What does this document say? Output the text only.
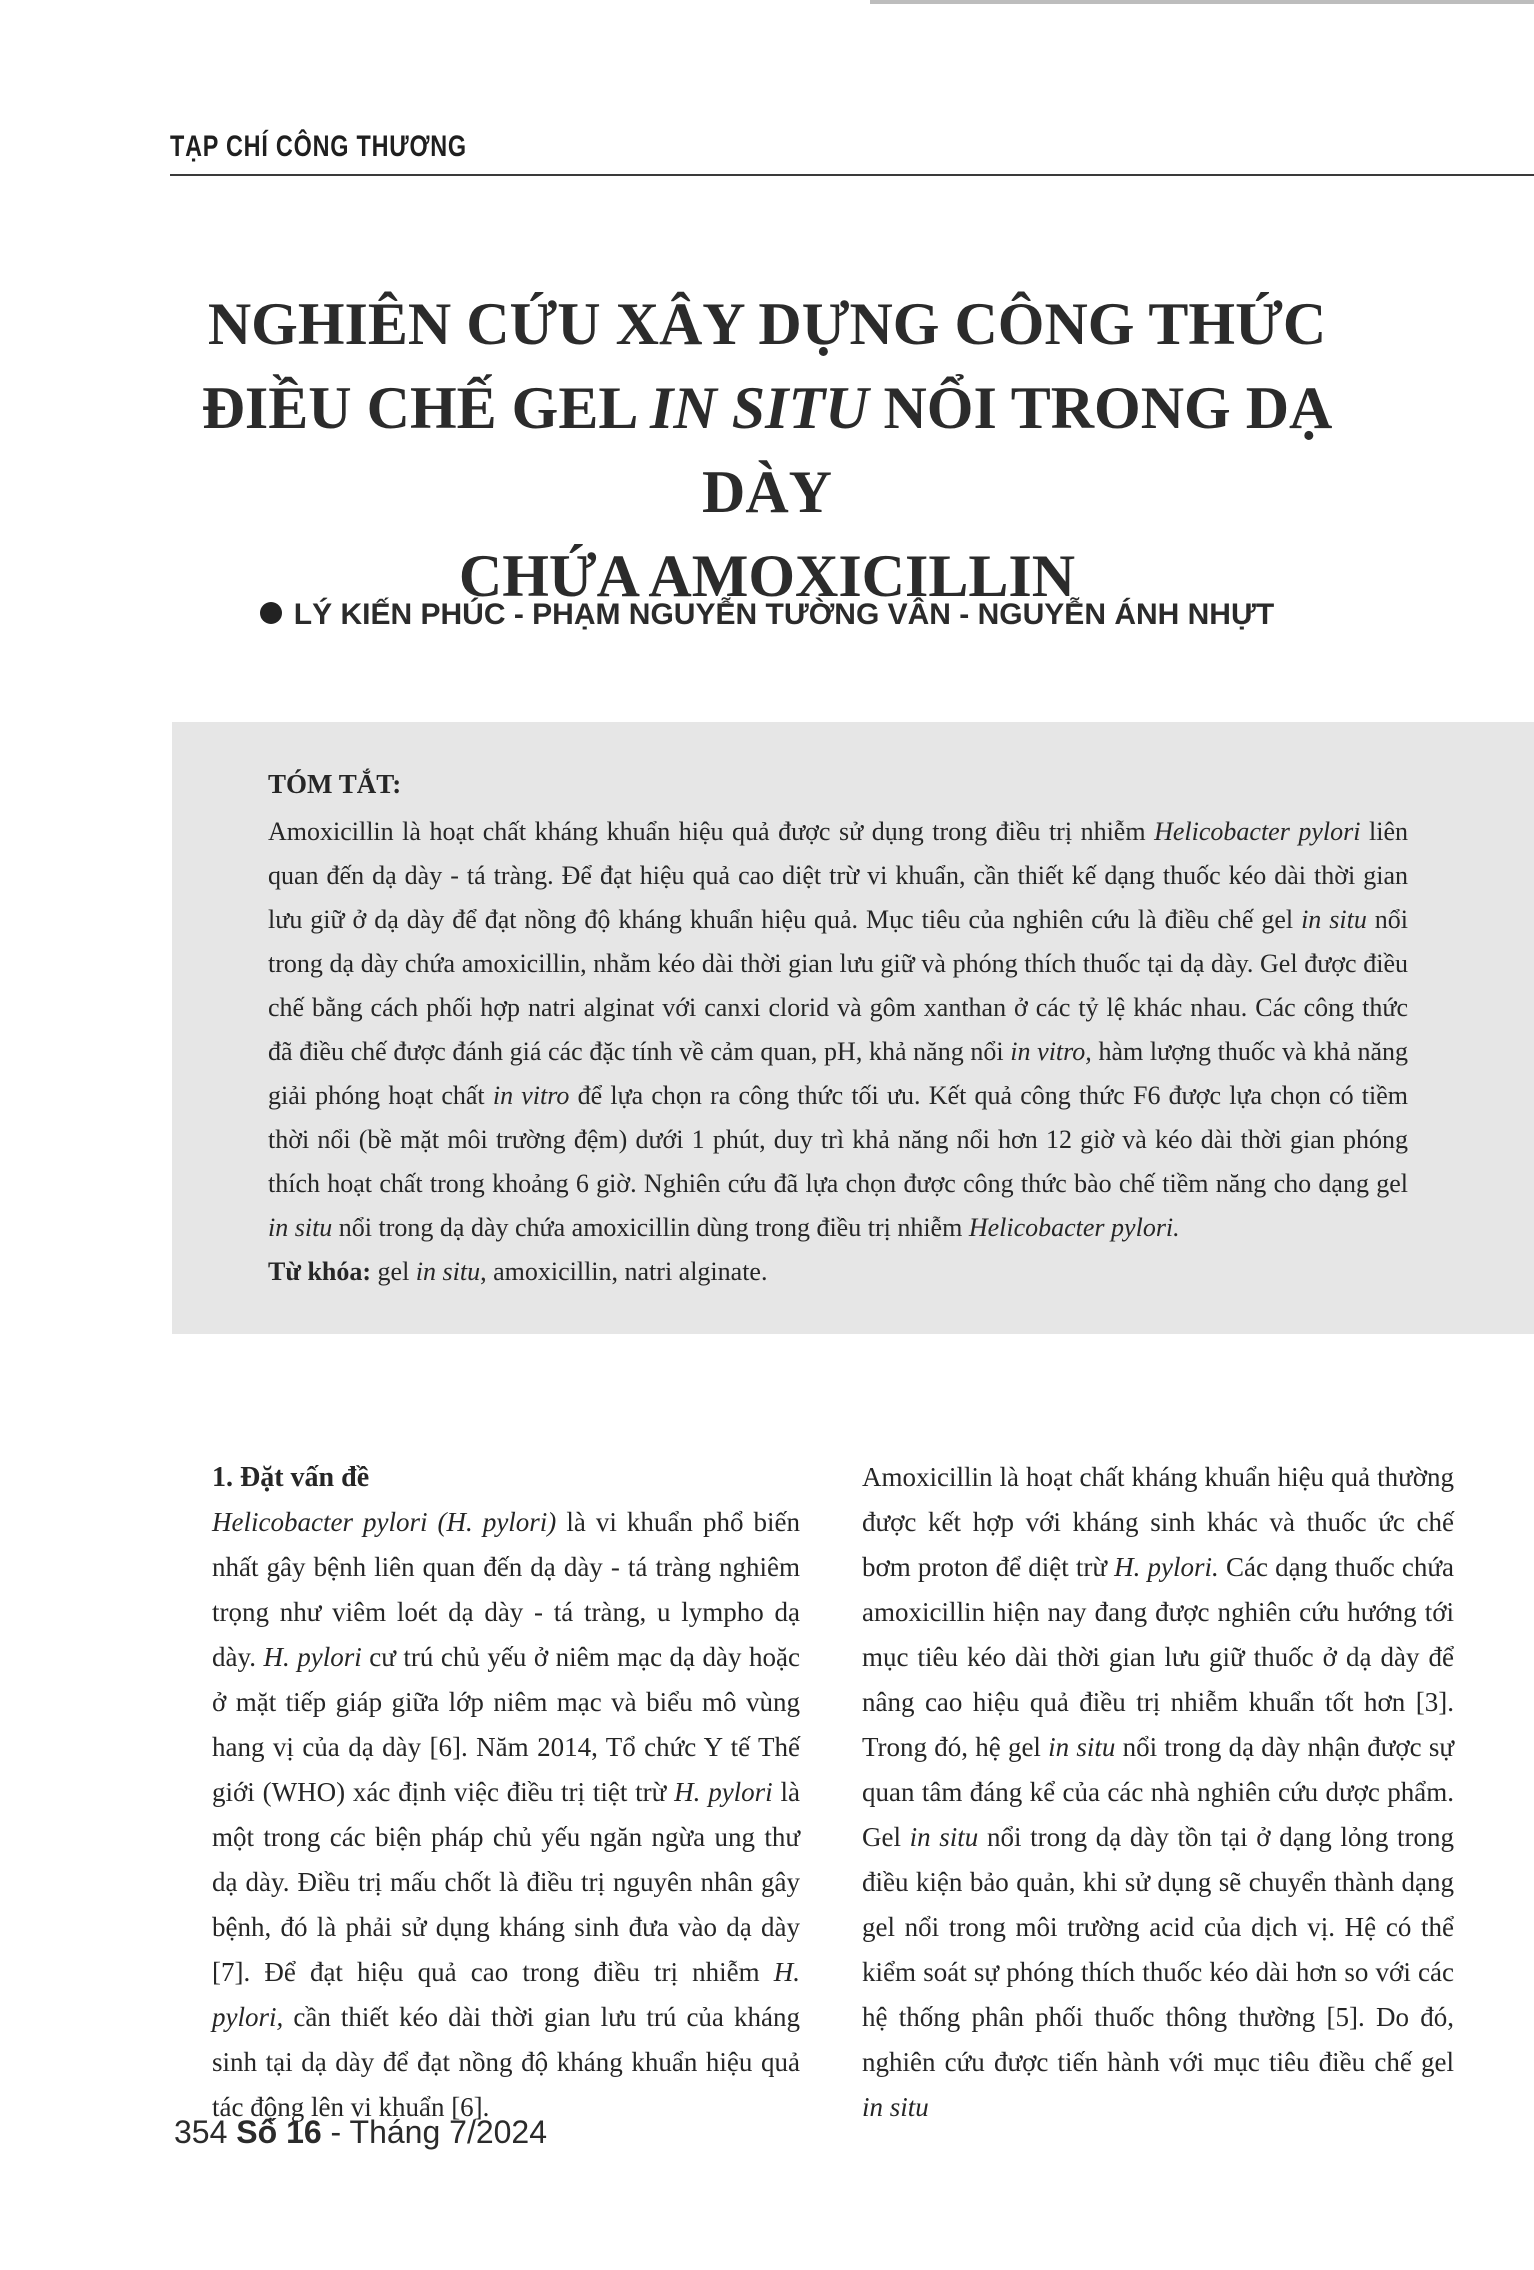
TẠP CHÍ CÔNG THƯƠNG
NGHIÊN CỨU XÂY DỰNG CÔNG THỨC
ĐIỀU CHẾ GEL IN SITU NỔI TRONG DẠ DÀY
CHỨA AMOXICILLIN
LÝ KIẾN PHÚC - PHẠM NGUYỄN TƯỜNG VÂN - NGUYỄN ÁNH NHỰT
TÓM TẮT:
Amoxicillin là hoạt chất kháng khuẩn hiệu quả được sử dụng trong điều trị nhiễm Helicobacter pylori liên quan đến dạ dày - tá tràng. Để đạt hiệu quả cao diệt trừ vi khuẩn, cần thiết kế dạng thuốc kéo dài thời gian lưu giữ ở dạ dày để đạt nồng độ kháng khuẩn hiệu quả. Mục tiêu của nghiên cứu là điều chế gel in situ nổi trong dạ dày chứa amoxicillin, nhằm kéo dài thời gian lưu giữ và phóng thích thuốc tại dạ dày. Gel được điều chế bằng cách phối hợp natri alginat với canxi clorid và gôm xanthan ở các tỷ lệ khác nhau. Các công thức đã điều chế được đánh giá các đặc tính về cảm quan, pH, khả năng nổi in vitro, hàm lượng thuốc và khả năng giải phóng hoạt chất in vitro để lựa chọn ra công thức tối ưu. Kết quả công thức F6 được lựa chọn có tiềm thời nổi (bề mặt môi trường đệm) dưới 1 phút, duy trì khả năng nổi hơn 12 giờ và kéo dài thời gian phóng thích hoạt chất trong khoảng 6 giờ. Nghiên cứu đã lựa chọn được công thức bào chế tiềm năng cho dạng gel in situ nổi trong dạ dày chứa amoxicillin dùng trong điều trị nhiễm Helicobacter pylori.
Từ khóa: gel in situ, amoxicillin, natri alginate.
1. Đặt vấn đề
Helicobacter pylori (H. pylori) là vi khuẩn phổ biến nhất gây bệnh liên quan đến dạ dày - tá tràng nghiêm trọng như viêm loét dạ dày - tá tràng, u lympho dạ dày. H. pylori cư trú chủ yếu ở niêm mạc dạ dày hoặc ở mặt tiếp giáp giữa lớp niêm mạc và biểu mô vùng hang vị của dạ dày [6]. Năm 2014, Tổ chức Y tế Thế giới (WHO) xác định việc điều trị tiệt trừ H. pylori là một trong các biện pháp chủ yếu ngăn ngừa ung thư dạ dày. Điều trị mấu chốt là điều trị nguyên nhân gây bệnh, đó là phải sử dụng kháng sinh đưa vào dạ dày [7]. Để đạt hiệu quả cao trong điều trị nhiễm H. pylori, cần thiết kéo dài thời gian lưu trú của kháng sinh tại dạ dày để đạt nồng độ kháng khuẩn hiệu quả tác động lên vi khuẩn [6].
Amoxicillin là hoạt chất kháng khuẩn hiệu quả thường được kết hợp với kháng sinh khác và thuốc ức chế bơm proton để diệt trừ H. pylori. Các dạng thuốc chứa amoxicillin hiện nay đang được nghiên cứu hướng tới mục tiêu kéo dài thời gian lưu giữ thuốc ở dạ dày để nâng cao hiệu quả điều trị nhiễm khuẩn tốt hơn [3]. Trong đó, hệ gel in situ nổi trong dạ dày nhận được sự quan tâm đáng kể của các nhà nghiên cứu dược phẩm. Gel in situ nổi trong dạ dày tồn tại ở dạng lỏng trong điều kiện bảo quản, khi sử dụng sẽ chuyển thành dạng gel nổi trong môi trường acid của dịch vị. Hệ có thể kiểm soát sự phóng thích thuốc kéo dài hơn so với các hệ thống phân phối thuốc thông thường [5]. Do đó, nghiên cứu được tiến hành với mục tiêu điều chế gel in situ
354 Số 16 - Tháng 7/2024
